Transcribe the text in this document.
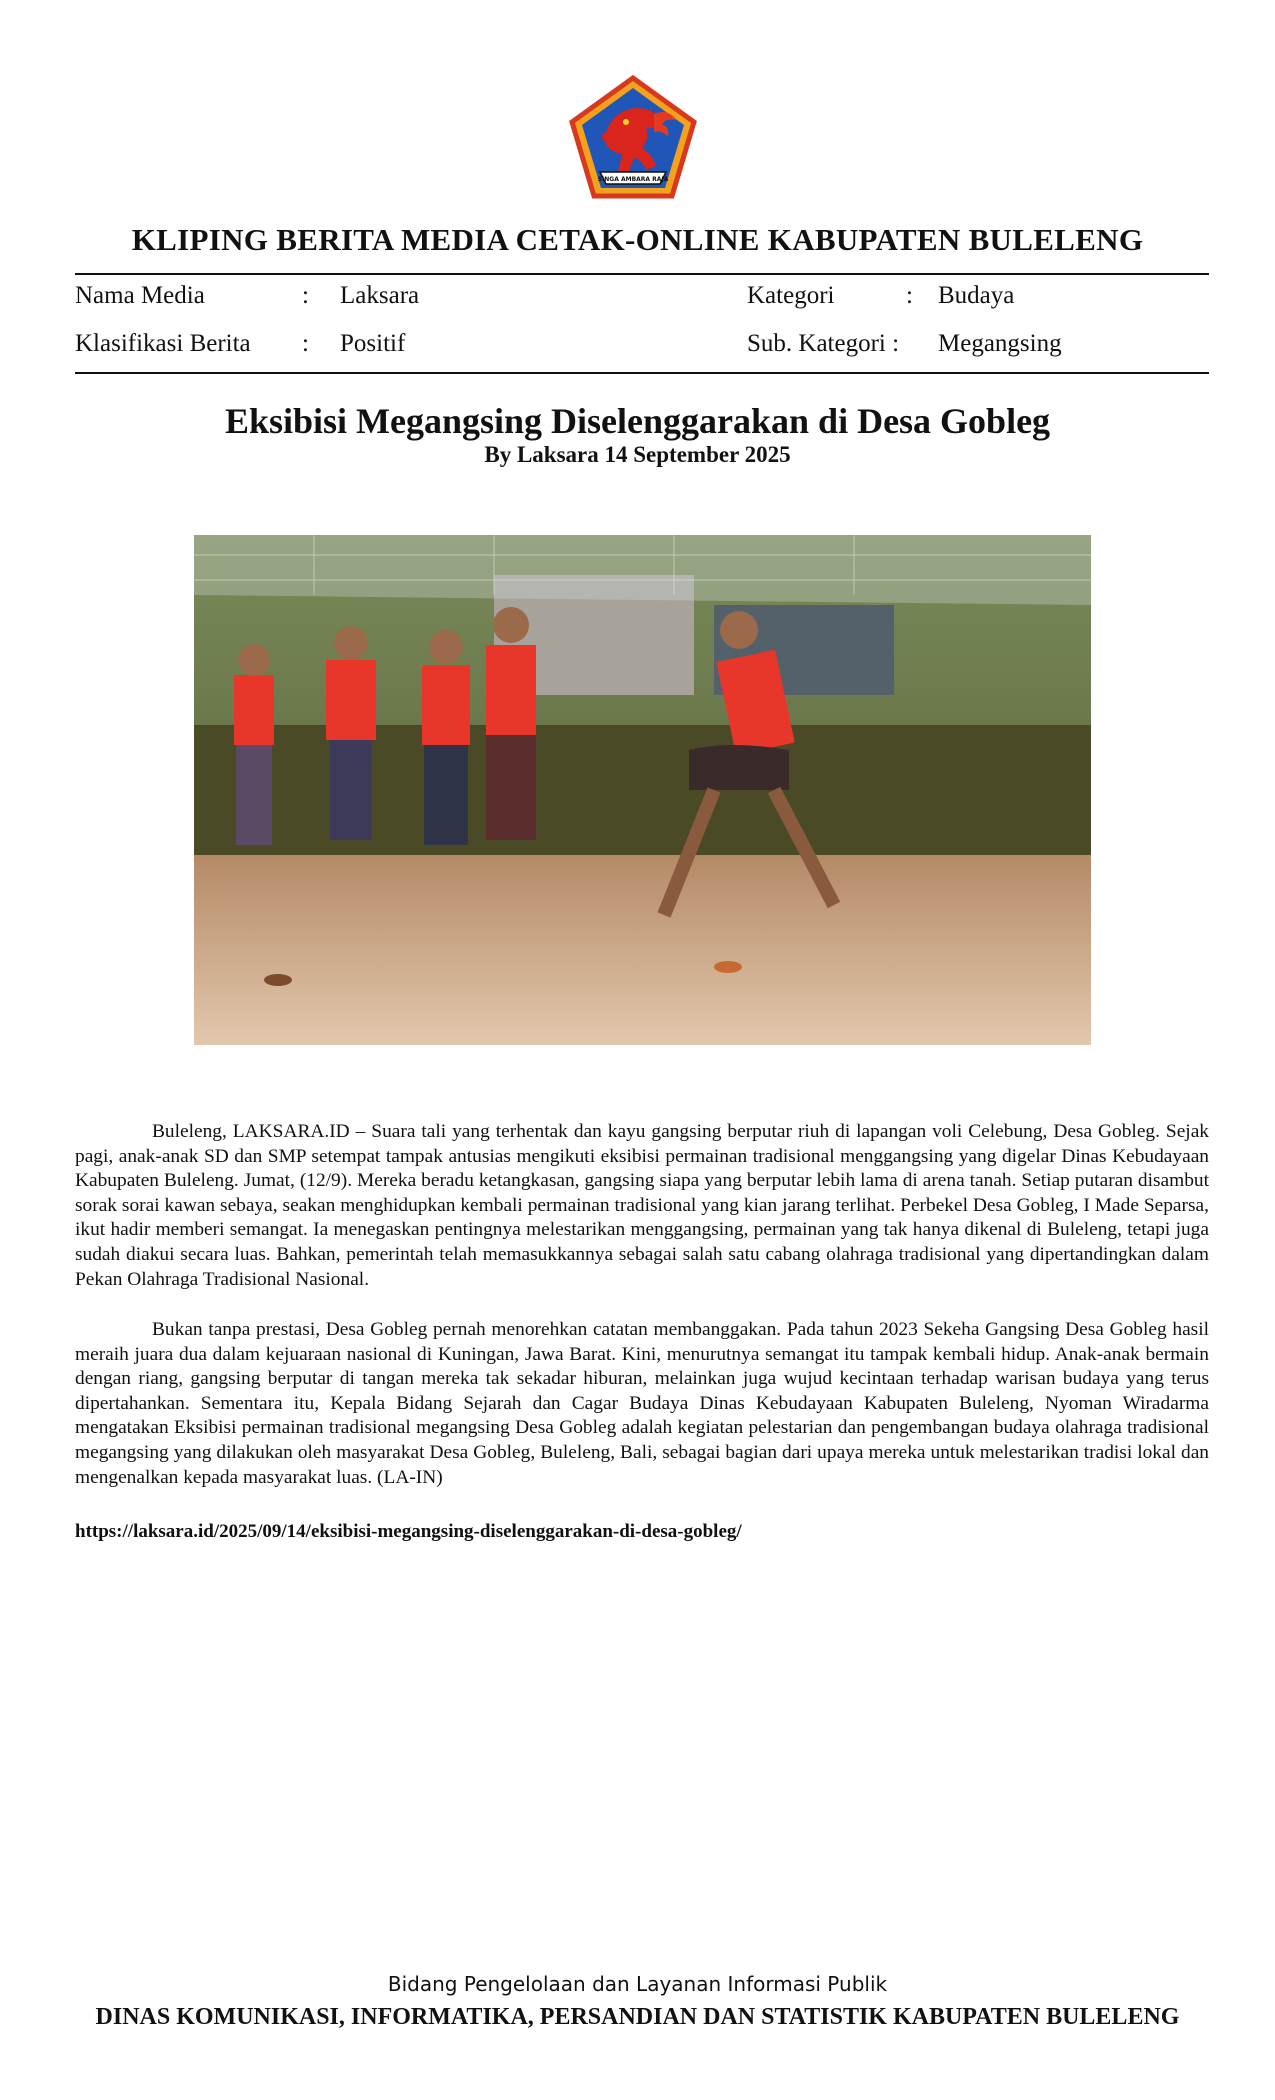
SINGA AMBARA RAJA
KLIPING BERITA MEDIA CETAK-ONLINE KABUPATEN BULELENG
Nama Media	: Laksara
Klasifikasi Berita : Positif
Kategori	: Budaya
Sub. Kategori : Megangsing
Eksibisi Megangsing Diselenggarakan di Desa Gobleg
By Laksara 14 September 2025

Buleleng, LAKSARA.ID – Suara tali yang terhentak dan kayu gangsing berputar riuh di lapangan voli Celebung, Desa Gobleg. Sejak pagi, anak-anak SD dan SMP setempat tampak antusias mengikuti eksibisi permainan tradisional menggangsing yang digelar Dinas Kebudayaan Kabupaten Buleleng. Jumat, (12/9). Mereka beradu ketangkasan, gangsing siapa yang berputar lebih lama di arena tanah. Setiap putaran disambut sorak sorai kawan sebaya, seakan menghidupkan kembali permainan tradisional yang kian jarang terlihat. Perbekel Desa Gobleg, I Made Separsa, ikut hadir memberi semangat. Ia menegaskan pentingnya melestarikan menggangsing, permainan yang tak hanya dikenal di Buleleng, tetapi juga sudah diakui secara luas. Bahkan, pemerintah telah memasukkannya sebagai salah satu cabang olahraga tradisional yang dipertandingkan dalam Pekan Olahraga Tradisional Nasional.

Bukan tanpa prestasi, Desa Gobleg pernah menorehkan catatan membanggakan. Pada tahun 2023 Sekeha Gangsing Desa Gobleg hasil meraih juara dua dalam kejuaraan nasional di Kuningan, Jawa Barat. Kini, menurutnya semangat itu tampak kembali hidup. Anak-anak bermain dengan riang, gangsing berputar di tangan mereka tak sekadar hiburan, melainkan juga wujud kecintaan terhadap warisan budaya yang terus dipertahankan. Sementara itu, Kepala Bidang Sejarah dan Cagar Budaya Dinas Kebudayaan Kabupaten Buleleng, Nyoman Wiradarma mengatakan Eksibisi permainan tradisional megangsing Desa Gobleg adalah kegiatan pelestarian dan pengembangan budaya olahraga tradisional megangsing yang dilakukan oleh masyarakat Desa Gobleg, Buleleng, Bali, sebagai bagian dari upaya mereka untuk melestarikan tradisi lokal dan mengenalkan kepada masyarakat luas. (LA-IN)

https://laksara.id/2025/09/14/eksibisi-megangsing-diselenggarakan-di-desa-gobleg/
Bidang Pengelolaan dan Layanan Informasi Publik
DINAS KOMUNIKASI, INFORMATIKA, PERSANDIAN DAN STATISTIK KABUPATEN BULELENG
